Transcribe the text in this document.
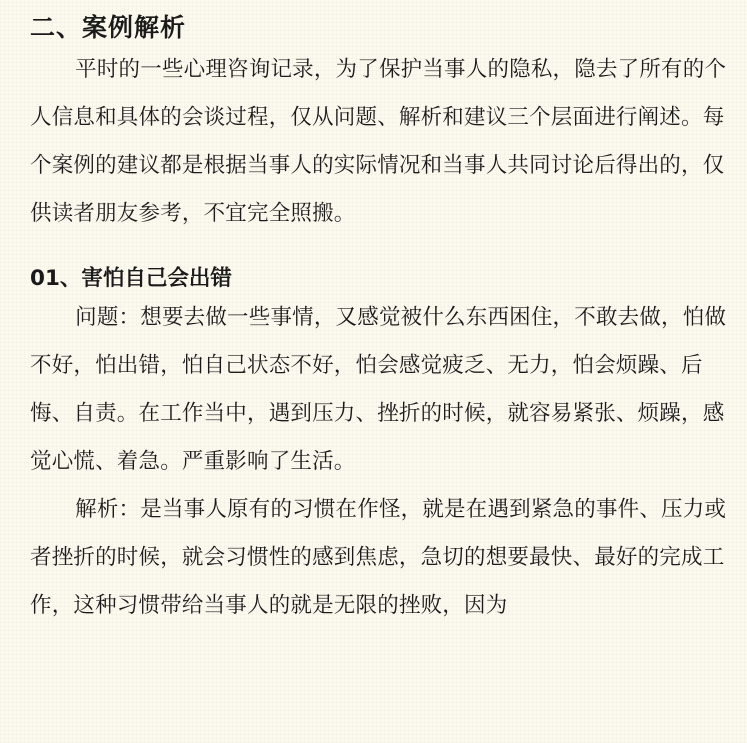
二、案例解析

平时的一些心理咨询记录，为了保护当事人的隐私，隐去了所有的个人信息和具体的会谈过程，仅从问题、解析和建议三个层面进行阐述。每个案例的建议都是根据当事人的实际情况和当事人共同讨论后得出的，仅供读者朋友参考，不宜完全照搬。

01、害怕自己会出错

问题：想要去做一些事情，又感觉被什么东西困住，不敢去做，怕做不好，怕出错，怕自己状态不好，怕会感觉疲乏、无力，怕会烦躁、后悔、自责。在工作当中，遇到压力、挫折的时候，就容易紧张、烦躁，感觉心慌、着急。严重影响了生活。

解析：是当事人原有的习惯在作怪，就是在遇到紧急的事件、压力或者挫折的时候，就会习惯性的感到焦虑，急切的想要最快、最好的完成工作，这种习惯带给当事人的就是无限的挫败，因为
